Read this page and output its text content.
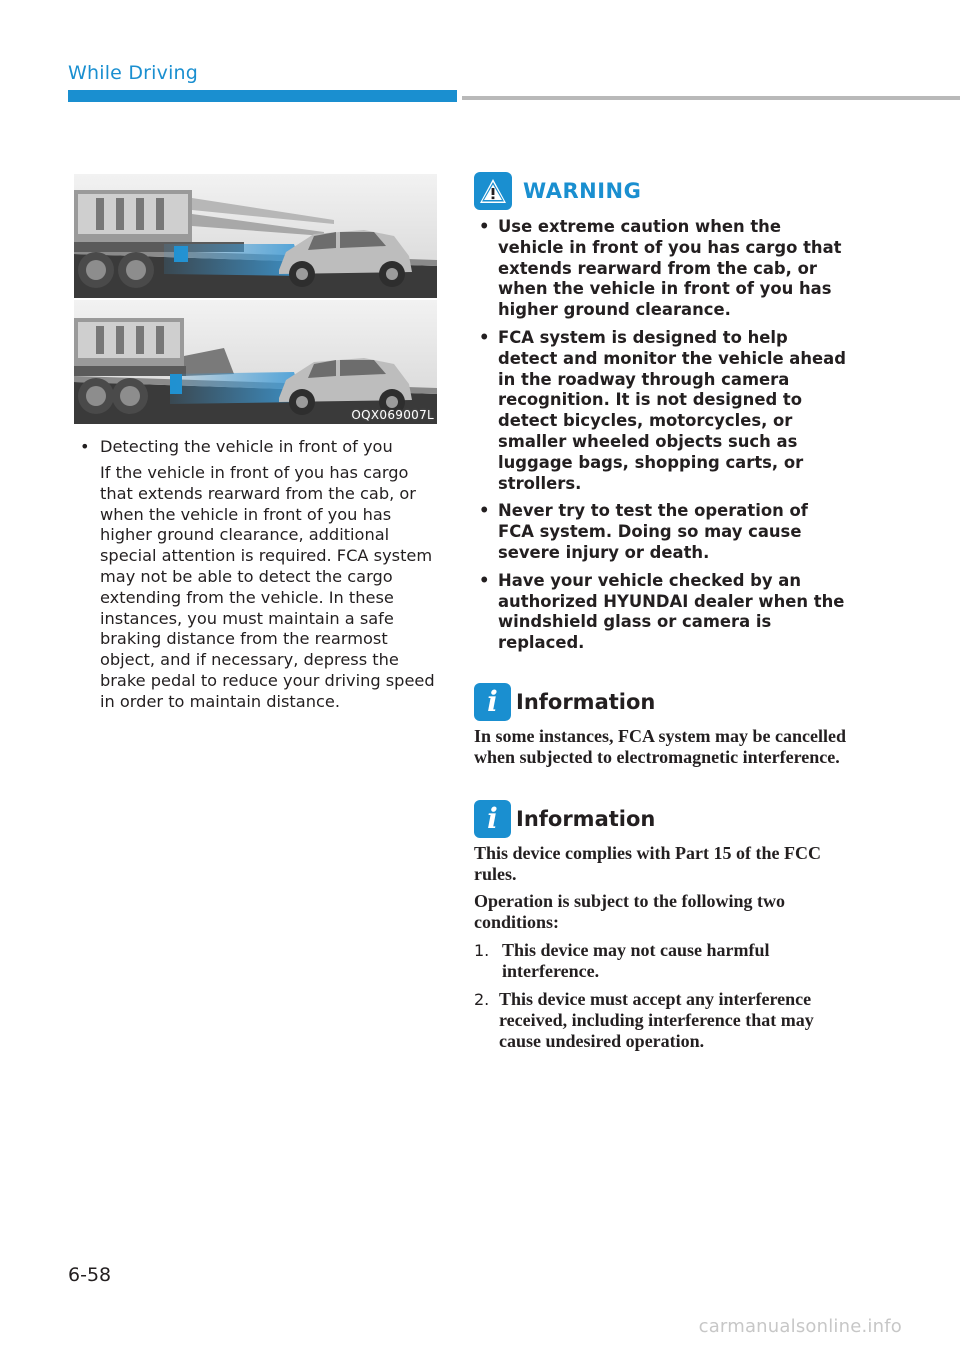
While Driving
OQX069007L
• Detecting the vehicle in front of you
If the vehicle in front of you has cargo that extends rearward from the cab, or when the vehicle in front of you has higher ground clearance, additional special attention is required. FCA system may not be able to detect the cargo extending from the vehicle. In these instances, you must maintain a safe braking distance from the rearmost object, and if necessary, depress the brake pedal to reduce your driving speed in order to maintain distance.
WARNING
• Use extreme caution when the vehicle in front of you has cargo that extends rearward from the cab, or when the vehicle in front of you has higher ground clearance.
• FCA system is designed to help detect and monitor the vehicle ahead in the roadway through camera recognition. It is not designed to detect bicycles, motorcycles, or smaller wheeled objects such as luggage bags, shopping carts, or strollers.
• Never try to test the operation of FCA system. Doing so may cause severe injury or death.
• Have your vehicle checked by an authorized HYUNDAI dealer when the windshield glass or camera is replaced.
i Information
In some instances, FCA system may be cancelled when subjected to electromagnetic interference.
i Information
This device complies with Part 15 of the FCC rules.
Operation is subject to the following two conditions:
1. This device may not cause harmful interference.
2. This device must accept any interference received, including interference that may cause undesired operation.
6-58
carmanualsonline.info
